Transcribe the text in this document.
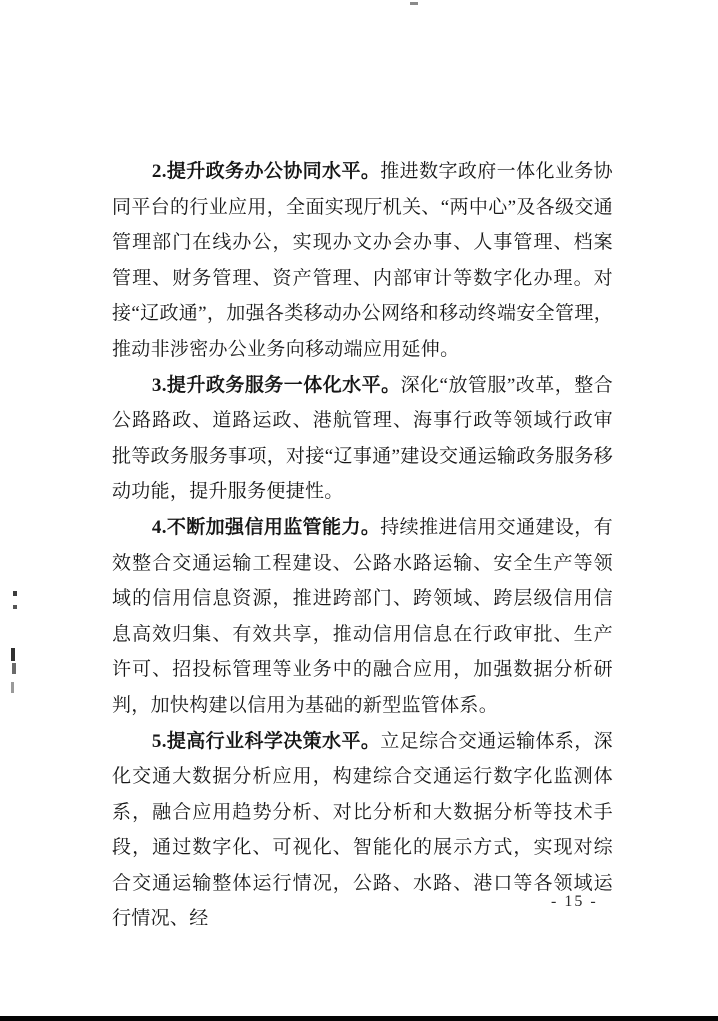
2.提升政务办公协同水平。推进数字政府一体化业务协同平台的行业应用，全面实现厅机关、“两中心”及各级交通管理部门在线办公，实现办文办会办事、人事管理、档案管理、财务管理、资产管理、内部审计等数字化办理。对接“辽政通”，加强各类移动办公网络和移动终端安全管理，推动非涉密办公业务向移动端应用延伸。

3.提升政务服务一体化水平。深化“放管服”改革，整合公路路政、道路运政、港航管理、海事行政等领域行政审批等政务服务事项，对接“辽事通”建设交通运输政务服务移动功能，提升服务便捷性。

4.不断加强信用监管能力。持续推进信用交通建设，有效整合交通运输工程建设、公路水路运输、安全生产等领域的信用信息资源，推进跨部门、跨领域、跨层级信用信息高效归集、有效共享，推动信用信息在行政审批、生产许可、招投标管理等业务中的融合应用，加强数据分析研判，加快构建以信用为基础的新型监管体系。

5.提高行业科学决策水平。立足综合交通运输体系，深化交通大数据分析应用，构建综合交通运行数字化监测体系，融合应用趋势分析、对比分析和大数据分析等技术手段，通过数字化、可视化、智能化的展示方式，实现对综合交通运输整体运行情况，公路、水路、港口等各领域运行情况、经

- 15 -
